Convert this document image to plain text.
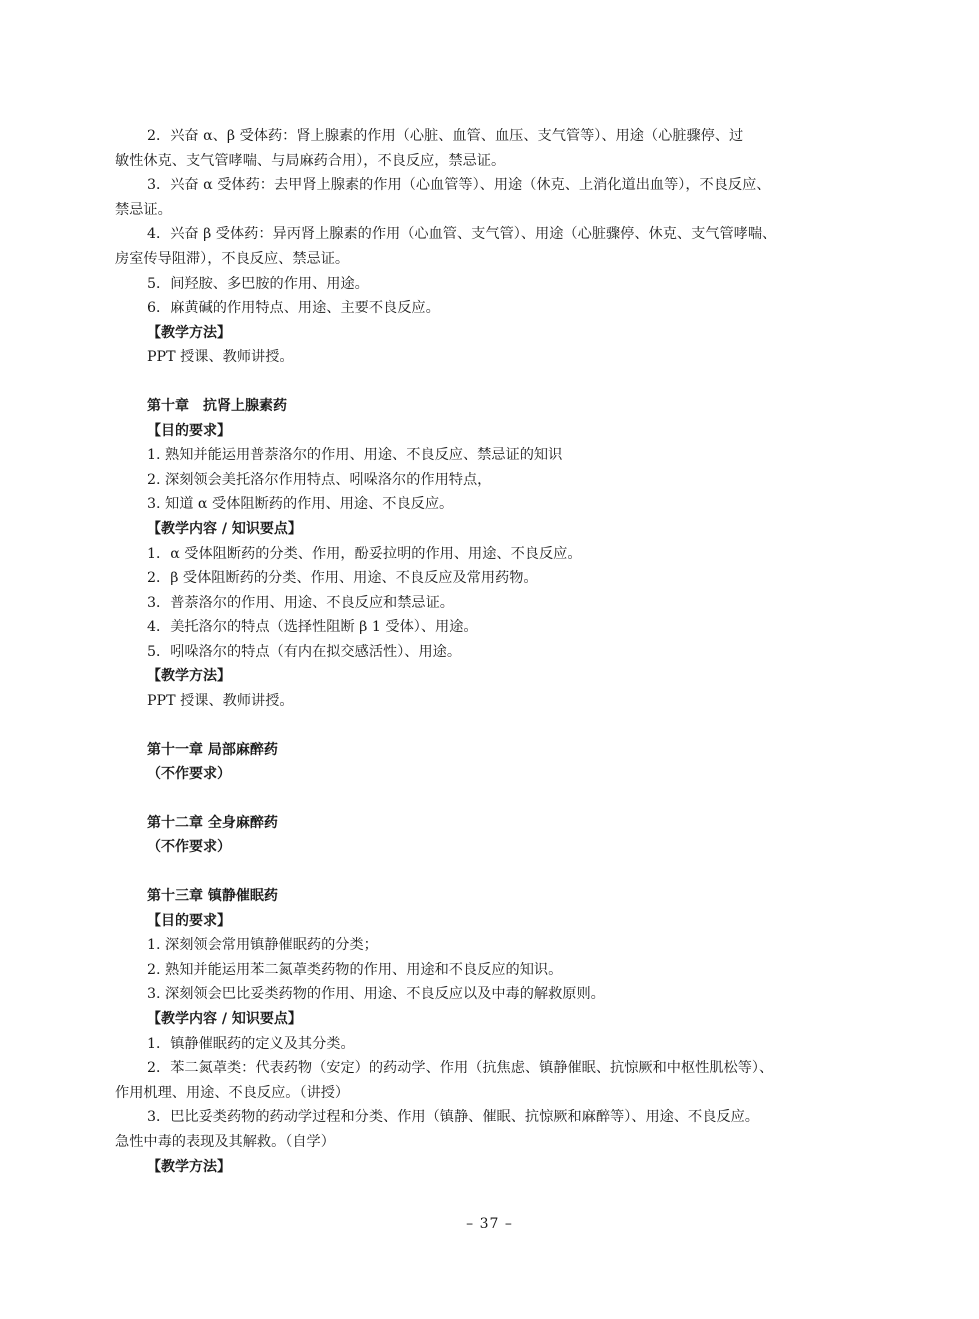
2．兴奋 α、β 受体药：肾上腺素的作用（心脏、血管、血压、支气管等）、用途（心脏骤停、过

敏性休克、支气管哮喘、与局麻药合用），不良反应，禁忌证。

3．兴奋 α 受体药：去甲肾上腺素的作用（心血管等）、用途（休克、上消化道出血等），不良反应、

禁忌证。

4．兴奋 β 受体药：异丙肾上腺素的作用（心血管、支气管）、用途（心脏骤停、休克、支气管哮喘、

房室传导阻滞），不良反应、禁忌证。

5．间羟胺、多巴胺的作用、用途。

6．麻黄碱的作用特点、用途、主要不良反应。

【教学方法】

PPT 授课、教师讲授。

第十章　抗肾上腺素药

【目的要求】

1. 熟知并能运用普萘洛尔的作用、用途、不良反应、禁忌证的知识

2. 深刻领会美托洛尔作用特点、吲哚洛尔的作用特点，

3. 知道 α 受体阻断药的作用、用途、不良反应。

【教学内容 / 知识要点】

1．α 受体阻断药的分类、作用，酚妥拉明的作用、用途、不良反应。

2．β 受体阻断药的分类、作用、用途、不良反应及常用药物。

3．普萘洛尔的作用、用途、不良反应和禁忌证。

4．美托洛尔的特点（选择性阻断 β 1 受体）、用途。

5．吲哚洛尔的特点（有内在拟交感活性）、用途。

【教学方法】

PPT 授课、教师讲授。

第十一章 局部麻醉药

（不作要求）

第十二章 全身麻醉药

（不作要求）

第十三章 镇静催眠药

【目的要求】

1. 深刻领会常用镇静催眠药的分类；

2. 熟知并能运用苯二氮䓬类药物的作用、用途和不良反应的知识。

3. 深刻领会巴比妥类药物的作用、用途、不良反应以及中毒的解救原则。

【教学内容 / 知识要点】

1．镇静催眠药的定义及其分类。

2．苯二氮䓬类：代表药物（安定）的药动学、作用（抗焦虑、镇静催眠、抗惊厥和中枢性肌松等）、

作用机理、用途、不良反应。（讲授）

3．巴比妥类药物的药动学过程和分类、作用（镇静、催眠、抗惊厥和麻醉等）、用途、不良反应。

急性中毒的表现及其解救。（自学）

【教学方法】

– 37 –
